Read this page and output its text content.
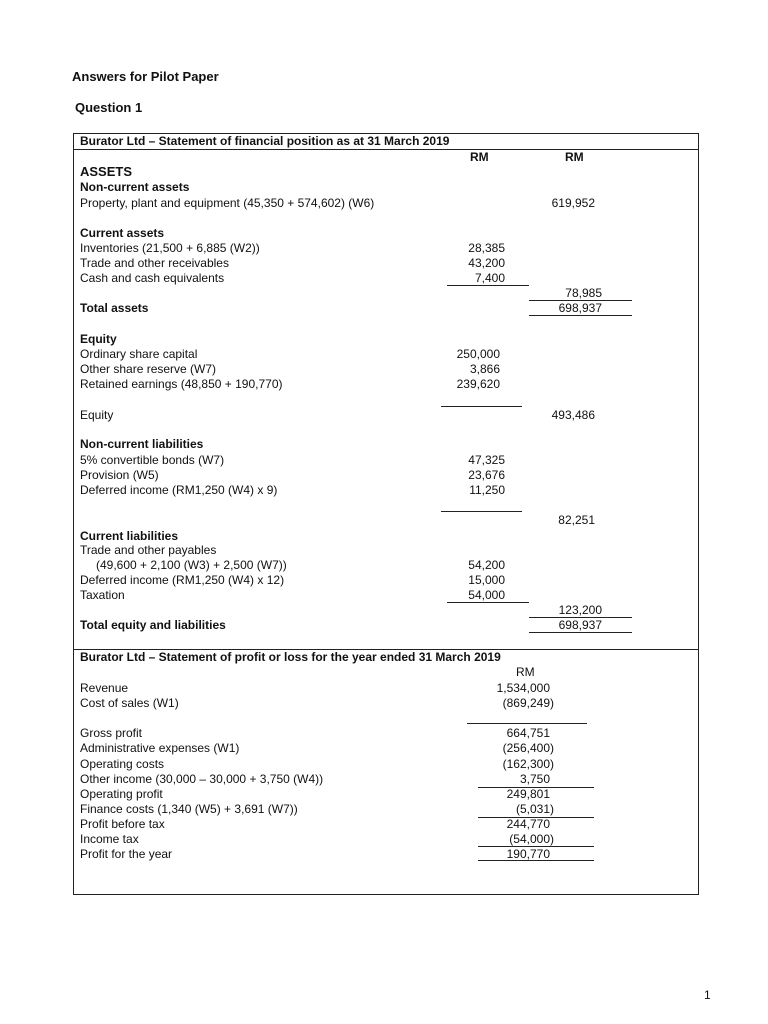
Answers for Pilot Paper
Question 1
Burator Ltd – Statement of financial position as at 31 March 2019
RM	RM
ASSETS
Non-current assets
Property, plant and equipment (45,350 + 574,602) (W6)	619,952
Current assets
Inventories (21,500 + 6,885 (W2))	28,385
Trade and other receivables	43,200
Cash and cash equivalents	7,400
78,985
Total assets	698,937
Equity
Ordinary share capital	250,000
Other share reserve (W7)	3,866
Retained earnings (48,850 + 190,770)	239,620
Equity	493,486
Non-current liabilities
5% convertible bonds (W7)	47,325
Provision (W5)	23,676
Deferred income (RM1,250 (W4) x 9)	11,250
82,251
Current liabilities
Trade and other payables
(49,600 + 2,100 (W3) + 2,500 (W7))	54,200
Deferred income (RM1,250 (W4) x 12)	15,000
Taxation	54,000
123,200
Total equity and liabilities	698,937
Burator Ltd – Statement of profit or loss for the year ended 31 March 2019
RM
Revenue	1,534,000
Cost of sales (W1)	(869,249)
Gross profit	664,751
Administrative expenses (W1)	(256,400)
Operating costs	(162,300)
Other income (30,000 – 30,000 + 3,750 (W4))	3,750
Operating profit	249,801
Finance costs (1,340 (W5) + 3,691 (W7))	(5,031)
Profit before tax	244,770
Income tax	(54,000)
Profit for the year	190,770
1
